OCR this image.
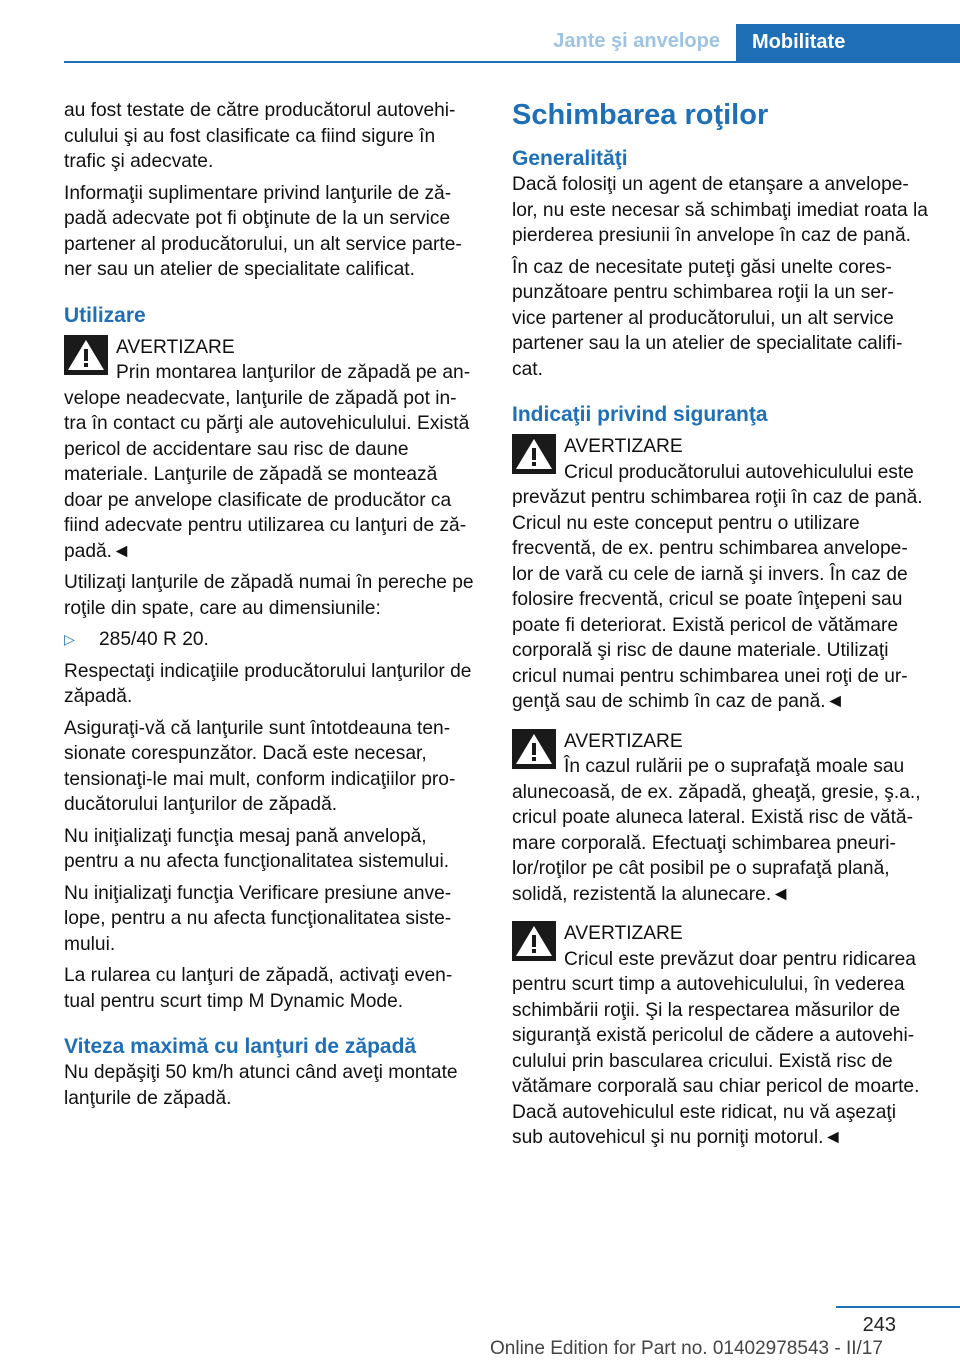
Jante şi anvelope	Mobilitate
au fost testate de către producătorul autovehi‐ culului şi au fost clasificate ca fiind sigure în trafic şi adecvate.
Informaţii suplimentare privind lanţurile de ză‐ padă adecvate pot fi obţinute de la un service partener al producătorului, un alt service parte‐ ner sau un atelier de specialitate calificat.
Utilizare
AVERTIZARE
Prin montarea lanţurilor de zăpadă pe an‐ velope neadecvate, lanţurile de zăpadă pot in‐ tra în contact cu părţi ale autovehiculului. Există pericol de accidentare sau risc de daune materiale. Lanţurile de zăpadă se montează doar pe anvelope clasificate de producător ca fiind adecvate pentru utilizarea cu lanţuri de ză‐ padă.◄
Utilizaţi lanţurile de zăpadă numai în pereche pe roţile din spate, care au dimensiunile:
▷	285/40 R 20.
Respectaţi indicaţiile producătorului lanţurilor de zăpadă.
Asiguraţi-vă că lanţurile sunt întotdeauna ten‐ sionate corespunzător. Dacă este necesar, tensionaţi-le mai mult, conform indicaţiilor pro‐ ducătorului lanţurilor de zăpadă.
Nu iniţializaţi funcţia mesaj pană anvelopă, pentru a nu afecta funcţionalitatea sistemului.
Nu iniţializaţi funcţia Verificare presiune anve‐ lope, pentru a nu afecta funcţionalitatea siste‐ mului.
La rularea cu lanţuri de zăpadă, activaţi even‐ tual pentru scurt timp M Dynamic Mode.
Viteza maximă cu lanţuri de zăpadă
Nu depăşiţi 50 km/h atunci când aveţi montate lanţurile de zăpadă.
Schimbarea roţilor
Generalităţi
Dacă folosiţi un agent de etanşare a anvelope‐ lor, nu este necesar să schimbaţi imediat roata la pierderea presiunii în anvelope în caz de pană.
În caz de necesitate puteţi găsi unelte cores‐ punzătoare pentru schimbarea roţii la un ser‐ vice partener al producătorului, un alt service partener sau la un atelier de specialitate califi‐ cat.
Indicaţii privind siguranţa
AVERTIZARE
Cricul producătorului autovehiculului este prevăzut pentru schimbarea roţii în caz de pană. Cricul nu este conceput pentru o utilizare frecventă, de ex. pentru schimbarea anvelope‐ lor de vară cu cele de iarnă şi invers. În caz de folosire frecventă, cricul se poate înţepeni sau poate fi deteriorat. Există pericol de vătămare corporală şi risc de daune materiale. Utilizaţi cricul numai pentru schimbarea unei roţi de ur‐ genţă sau de schimb în caz de pană.◄
AVERTIZARE
În cazul rulării pe o suprafaţă moale sau alunecoasă, de ex. zăpadă, gheaţă, gresie, ş.a., cricul poate aluneca lateral. Există risc de vătă‐ mare corporală. Efectuaţi schimbarea pneuri‐ lor/roţilor pe cât posibil pe o suprafaţă plană, solidă, rezistentă la alunecare.◄
AVERTIZARE
Cricul este prevăzut doar pentru ridicarea pentru scurt timp a autovehiculului, în vederea schimbării roţii. Şi la respectarea măsurilor de siguranţă există pericolul de cădere a autovehi‐ culului prin bascularea cricului. Există risc de vătămare corporală sau chiar pericol de moarte. Dacă autovehiculul este ridicat, nu vă aşezaţi sub autovehicul şi nu porniţi motorul.◄
243
Online Edition for Part no. 01402978543 - II/17
